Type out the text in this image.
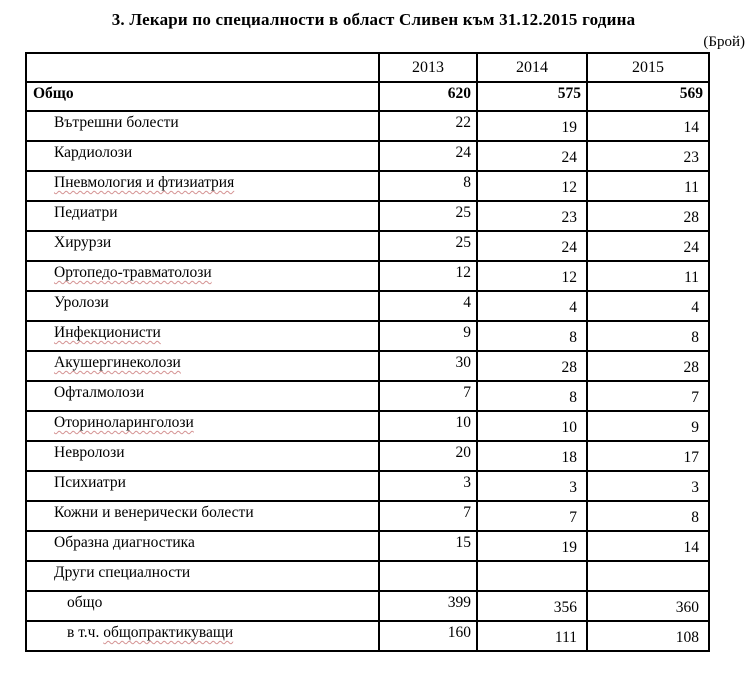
3. Лекари по специалности в област Сливен към 31.12.2015 година
(Брой)
	2013	2014	2015
Общо	620	575	569
Вътрешни болести	22	19	14
Кардиолози	24	24	23
Пневмология и фтизиатрия	8	12	11
Педиатри	25	23	28
Хирурзи	25	24	24
Ортопедо-травматолози	12	12	11
Уролози	4	4	4
Инфекционисти	9	8	8
Акушергинеколози	30	28	28
Офталмолози	7	8	7
Оториноларинголози	10	10	9
Невролози	20	18	17
Психиатри	3	3	3
Кожни и венерически болести	7	7	8
Образна диагностика	15	19	14
Други специалности			
общо	399	356	360
в т.ч. общопрактикуващи	160	111	108
